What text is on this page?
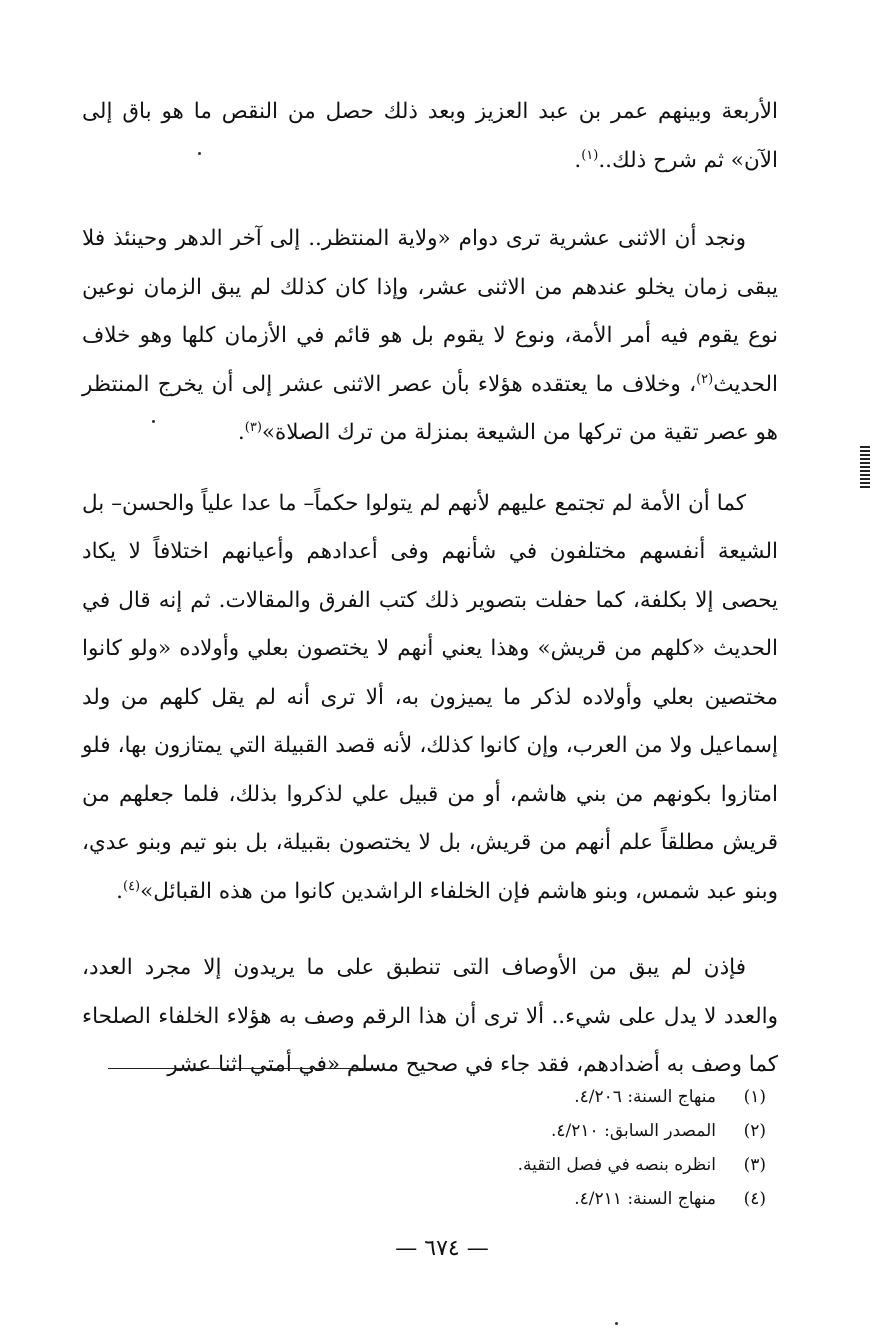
الأربعة وبينهم عمر بن عبد العزيز وبعد ذلك حصل من النقص ما هو باق إلى الآن» ثم شرح ذلك..$^{(١)}$.

ونجد أن الاثنى عشرية ترى دوام «ولاية المنتظر.. إلى آخر الدهر وحينئذ فلا يبقى زمان يخلو عندهم من الاثنى عشر، وإذا كان كذلك لم يبق الزمان نوعين نوع يقوم فيه أمر الأمة، ونوع لا يقوم بل هو قائم في الأزمان كلها وهو خلاف الحديث$^{(٢)}$، وخلاف ما يعتقده هؤلاء بأن عصر الاثنى عشر إلى أن يخرج المنتظر هو عصر تقية من تركها من الشيعة بمنزلة من ترك الصلاة»$^{(٣)}$.

كما أن الأمة لم تجتمع عليهم لأنهم لم يتولوا حكماً– ما عدا علياً والحسن– بل الشيعة أنفسهم مختلفون في شأنهم وفى أعدادهم وأعيانهم اختلافاً لا يكاد يحصى إلا بكلفة، كما حفلت بتصوير ذلك كتب الفرق والمقالات. ثم إنه قال في الحديث «كلهم من قريش» وهذا يعني أنهم لا يختصون بعلي وأولاده «ولو كانوا مختصين بعلي وأولاده لذكر ما يميزون به، ألا ترى أنه لم يقل كلهم من ولد إسماعيل ولا من العرب، وإن كانوا كذلك، لأنه قصد القبيلة التي يمتازون بها، فلو امتازوا بكونهم من بني هاشم، أو من قبيل علي لذكروا بذلك، فلما جعلهم من قريش مطلقاً علم أنهم من قريش، بل لا يختصون بقبيلة، بل بنو تيم وبنو عدي، وبنو عبد شمس، وبنو هاشم فإن الخلفاء الراشدين كانوا من هذه القبائل»$^{(٤)}$.

فإذن لم يبق من الأوصاف التى تنطبق على ما يريدون إلا مجرد العدد، والعدد لا يدل على شيء.. ألا ترى أن هذا الرقم وصف به هؤلاء الخلفاء الصلحاء كما وصف به أضدادهم، فقد جاء في صحيح مسلم «في أمتي اثنا عشر

(١)
منهاج السنة: ٤/٢٠٦.
(٢)
المصدر السابق: ٤/٢١٠.
(٣)
انظره بنصه في فصل التقية.
(٤)
منهاج السنة: ٤/٢١١.
— ٦٧٤ —
